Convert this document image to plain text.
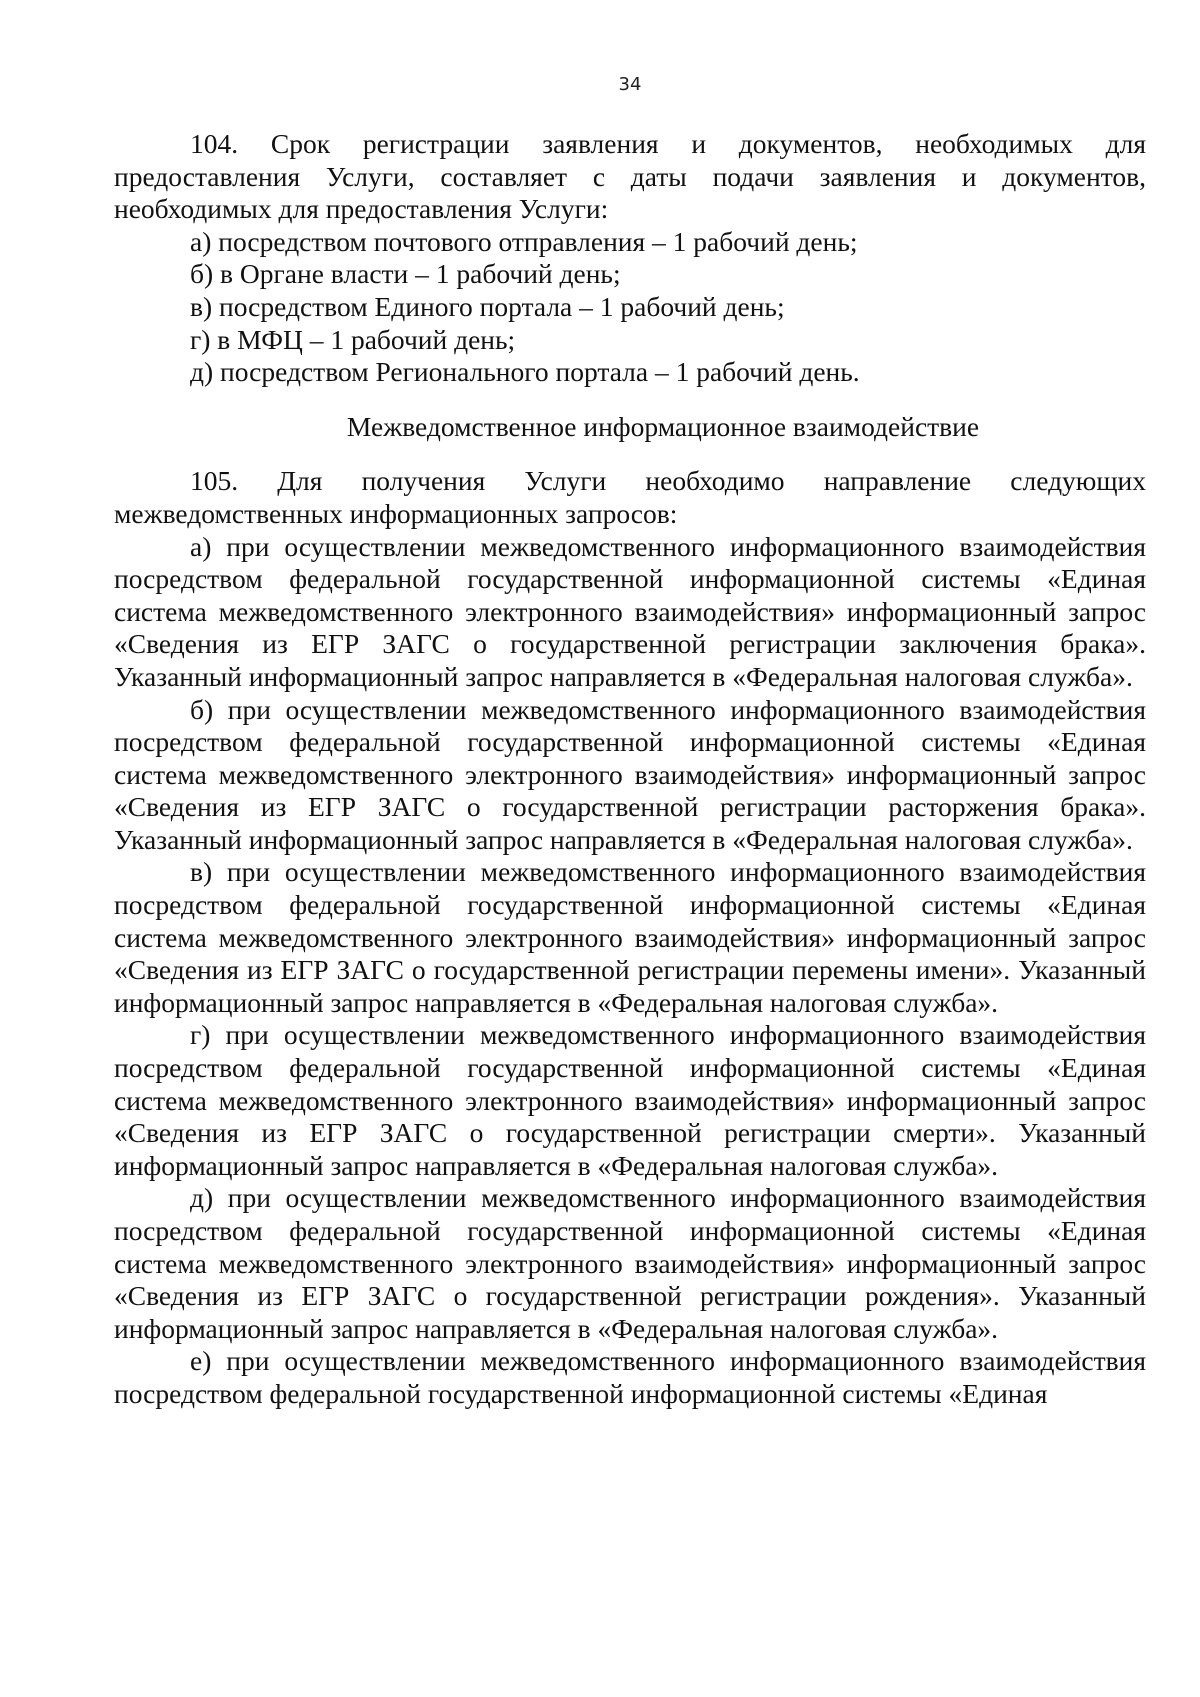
34

104. Срок регистрации заявления и документов, необходимых для предоставления Услуги, составляет с даты подачи заявления и документов, необходимых для предоставления Услуги:

а) посредством почтового отправления – 1 рабочий день;

б) в Органе власти – 1 рабочий день;

в) посредством Единого портала – 1 рабочий день;

г) в МФЦ – 1 рабочий день;

д) посредством Регионального портала – 1 рабочий день.

Межведомственное информационное взаимодействие

105. Для получения Услуги необходимо направление следующих межведомственных информационных запросов:

а) при осуществлении межведомственного информационного взаимодействия посредством федеральной государственной информационной системы «Единая система межведомственного электронного взаимодействия» информационный запрос «Сведения из ЕГР ЗАГС о государственной регистрации заключения брака». Указанный информационный запрос направляется в «Федеральная налоговая служба».

б) при осуществлении межведомственного информационного взаимодействия посредством федеральной государственной информационной системы «Единая система межведомственного электронного взаимодействия» информационный запрос «Сведения из ЕГР ЗАГС о государственной регистрации расторжения брака». Указанный информационный запрос направляется в «Федеральная налоговая служба».

в) при осуществлении межведомственного информационного взаимодействия посредством федеральной государственной информационной системы «Единая система межведомственного электронного взаимодействия» информационный запрос «Сведения из ЕГР ЗАГС о государственной регистрации перемены имени». Указанный информационный запрос направляется в «Федеральная налоговая служба».

г) при осуществлении межведомственного информационного взаимодействия посредством федеральной государственной информационной системы «Единая система межведомственного электронного взаимодействия» информационный запрос «Сведения из ЕГР ЗАГС о государственной регистрации смерти». Указанный информационный запрос направляется в «Федеральная налоговая служба».

д) при осуществлении межведомственного информационного взаимодействия посредством федеральной государственной информационной системы «Единая система межведомственного электронного взаимодействия» информационный запрос «Сведения из ЕГР ЗАГС о государственной регистрации рождения». Указанный информационный запрос направляется в «Федеральная налоговая служба».

е) при осуществлении межведомственного информационного взаимодействия посредством федеральной государственной информационной системы «Единая
